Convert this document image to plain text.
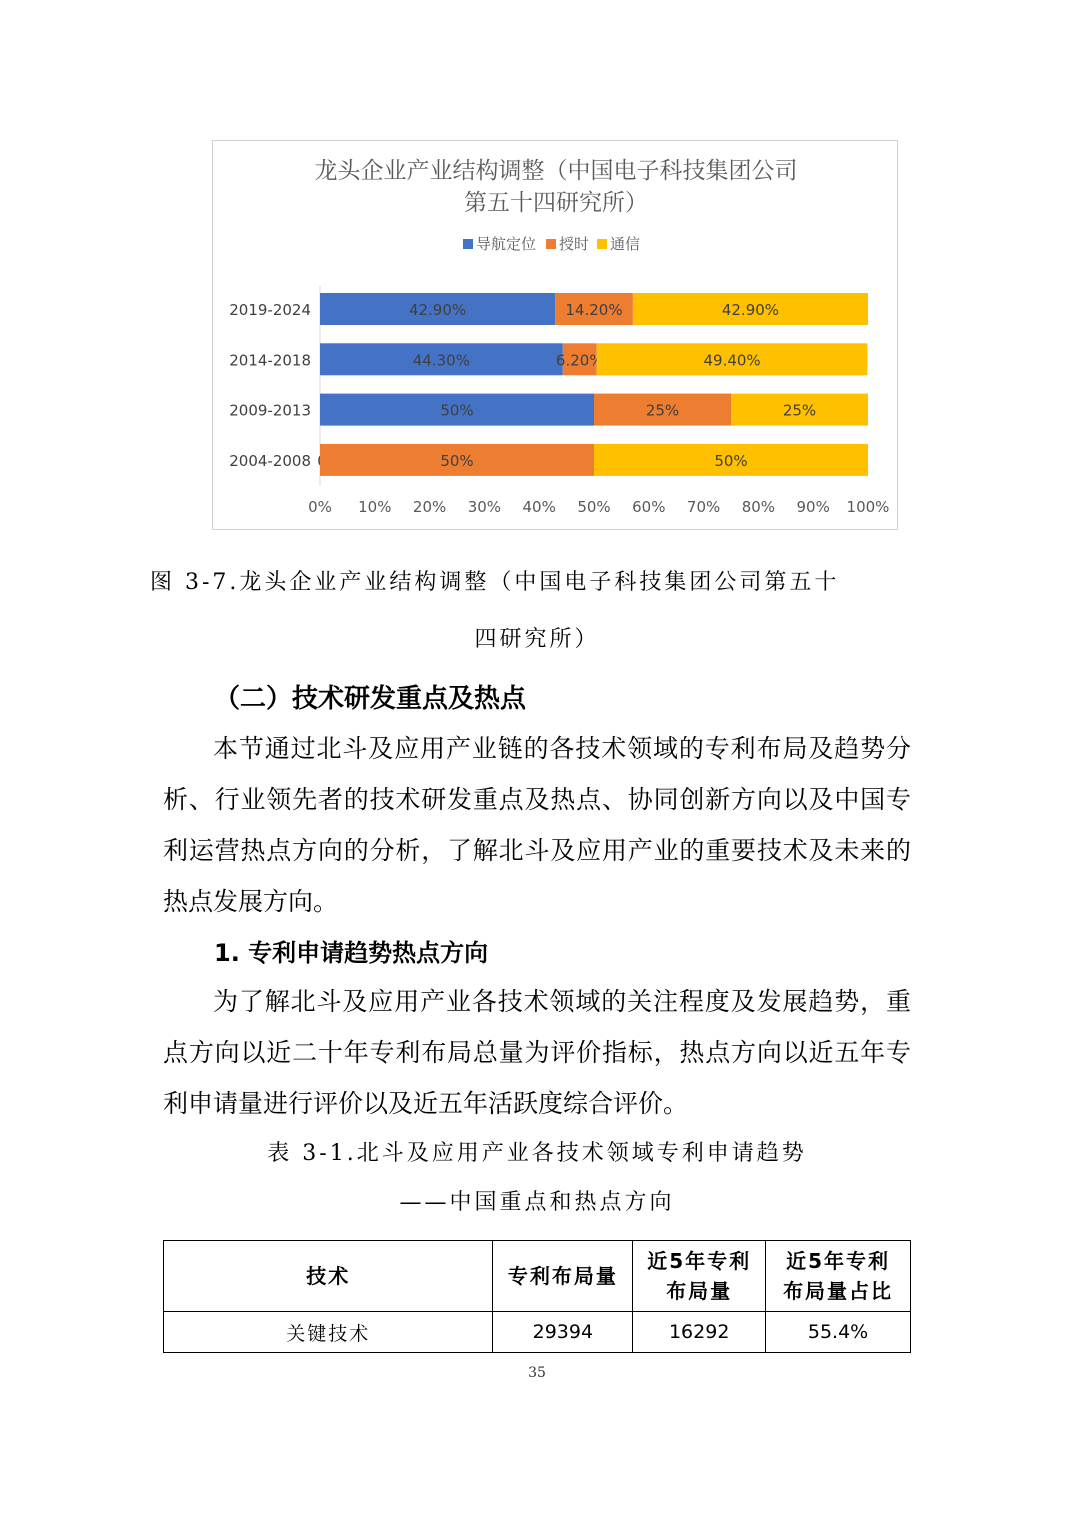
龙头企业产业结构调整（中国电子科技集团公司
第五十四研究所）
导航定位 授时 通信
2019-2024	42.90%	14.20%	42.90%
2014-2018	44.30%	6.20%	49.40%
2009-2013	50%	25%	25%
2004-2008	50%	50%
0% 10% 20% 30% 40% 50% 60% 70% 80% 90% 100%
图 3-7.龙头企业产业结构调整（中国电子科技集团公司第五十
四研究所）
（二）技术研发重点及热点
本节通过北斗及应用产业链的各技术领域的专利布局及趋势分析、行业领先者的技术研发重点及热点、协同创新方向以及中国专利运营热点方向的分析，了解北斗及应用产业的重要技术及未来的热点发展方向。
1. 专利申请趋势热点方向
为了解北斗及应用产业各技术领域的关注程度及发展趋势，重点方向以近二十年专利布局总量为评价指标，热点方向以近五年专利申请量进行评价以及近五年活跃度综合评价。
表 3-1.北斗及应用产业各技术领域专利申请趋势
——中国重点和热点方向
技术	专利布局量	近5年专利
布局量	近5年专利
布局量占比
关键技术	29394	16292	55.4%
35
